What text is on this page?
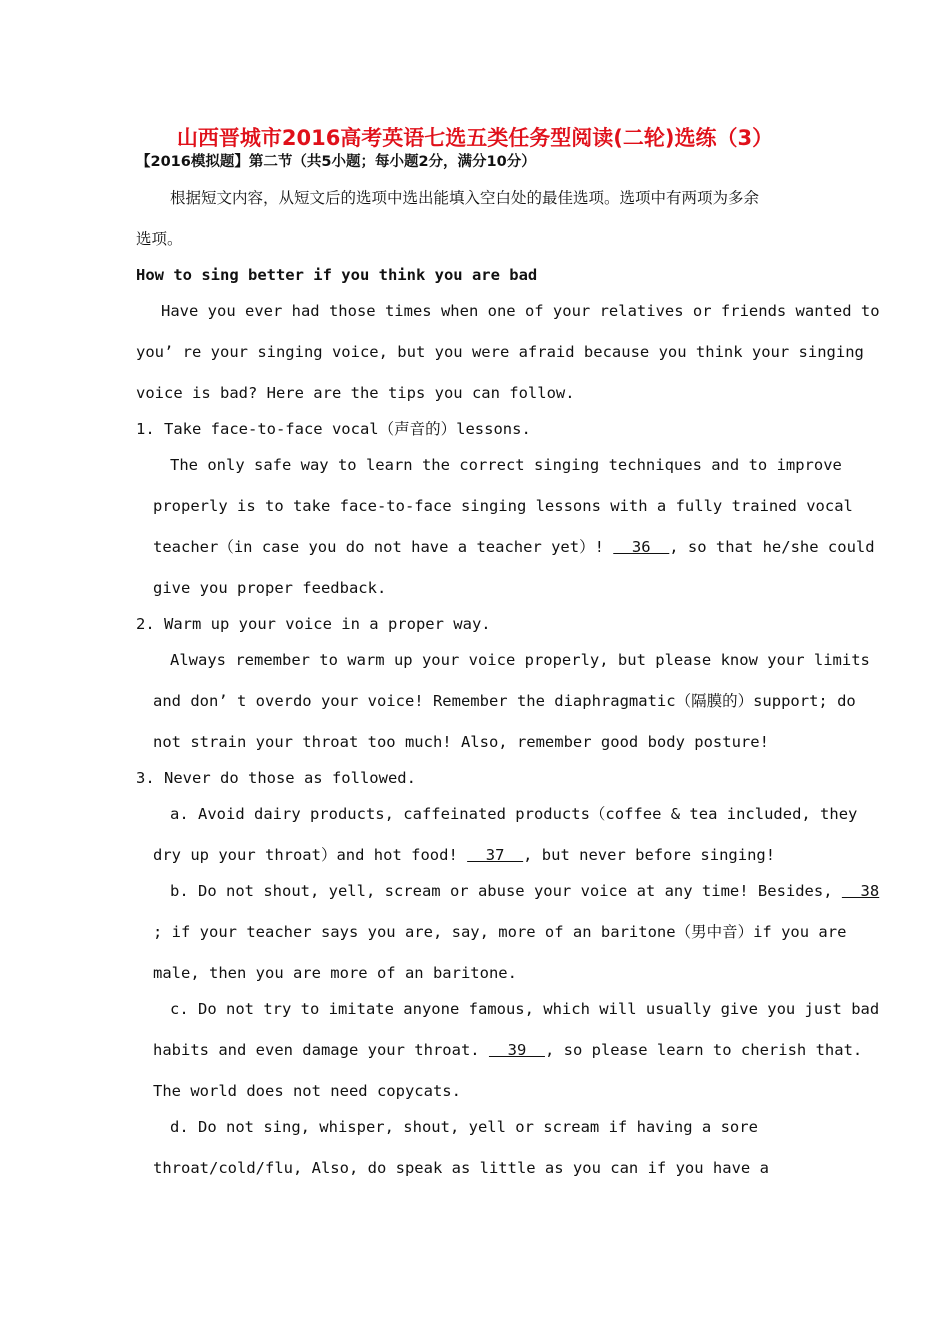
山西晋城市2016高考英语七选五类任务型阅读(二轮)选练（3）
【2016模拟题】第二节（共5小题；每小题2分，满分10分）
根据短文内容，从短文后的选项中选出能填入空白处的最佳选项。选项中有两项为多余
选项。
How to sing better if you think you are bad
Have you ever had those times when one of your relatives or friends wanted to
you’ re your singing voice, but you were afraid because you think your singing
voice is bad? Here are the tips you can follow.
1. Take face-to-face vocal（声音的）lessons.
The only safe way to learn the correct singing techniques and to improve
properly is to take face-to-face singing lessons with a fully trained vocal
teacher（in case you do not have a teacher yet）!   36  , so that he/she could
give you proper feedback.
2. Warm up your voice in a proper way.
Always remember to warm up your voice properly, but please know your limits
and don’ t overdo your voice! Remember the diaphragmatic（隔膜的）support; do
not strain your throat too much! Also, remember good body posture!
3. Never do those as followed.
a. Avoid dairy products, caffeinated products（coffee & tea included, they
dry up your throat）and hot food!   37  , but never before singing!
b. Do not shout, yell, scream or abuse your voice at any time! Besides,   38
; if your teacher says you are, say, more of an baritone（男中音）if you are
male, then you are more of an baritone.
c. Do not try to imitate anyone famous, which will usually give you just bad
habits and even damage your throat.   39  , so please learn to cherish that.
The world does not need copycats.
d. Do not sing, whisper, shout, yell or scream if having a sore
throat/cold/flu, Also, do speak as little as you can if you have a
